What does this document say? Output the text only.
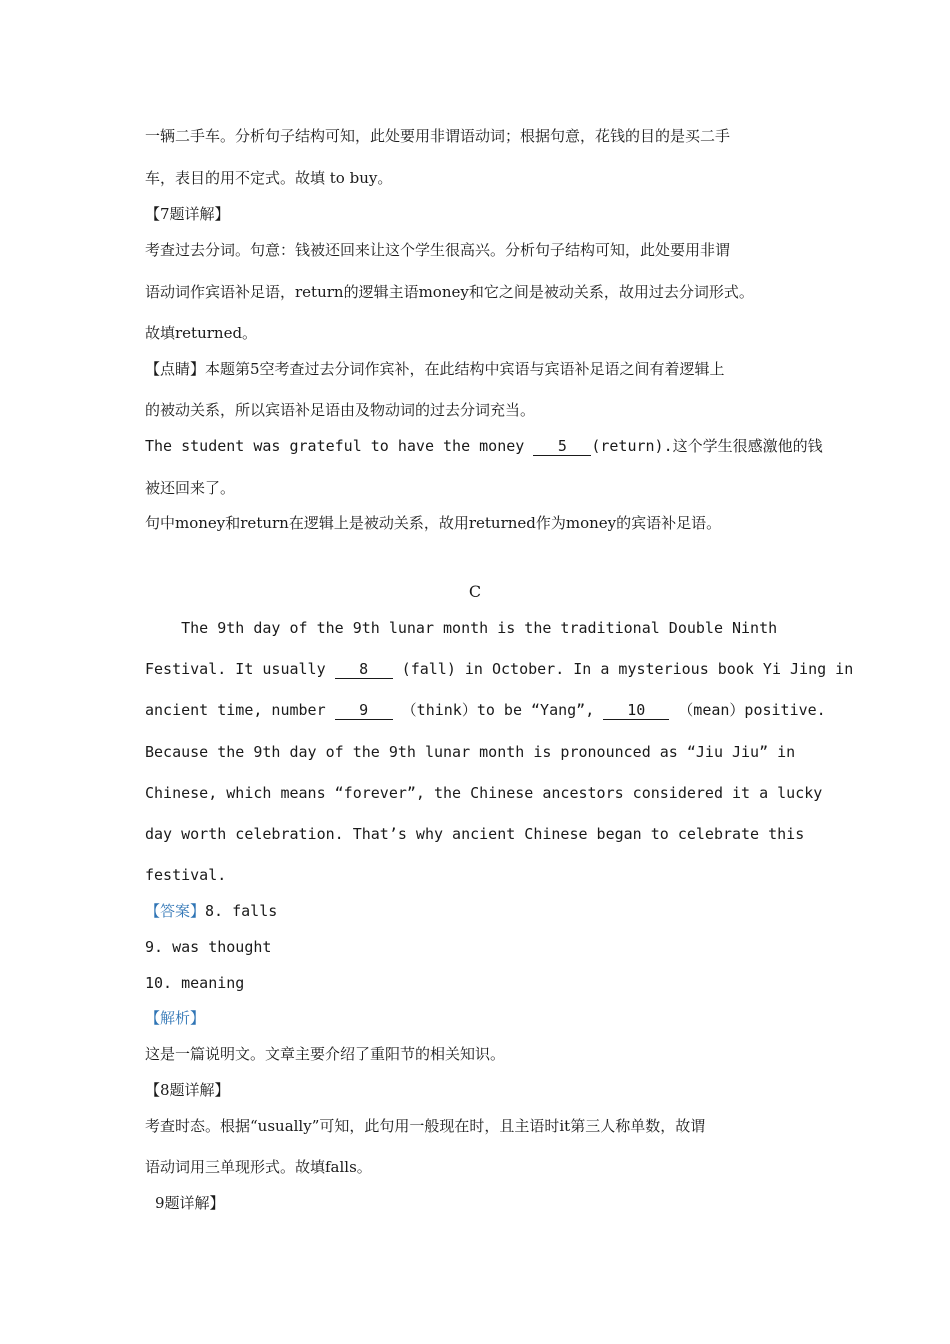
一辆二手车。分析句子结构可知，此处要用非谓语动词；根据句意，花钱的目的是买二手
车，表目的用不定式。故填 to buy。
【7题详解】
考查过去分词。句意：钱被还回来让这个学生很高兴。分析句子结构可知，此处要用非谓
语动词作宾语补足语，return的逻辑主语money和它之间是被动关系，故用过去分词形式。
故填returned。
【点睛】本题第5空考查过去分词作宾补，在此结构中宾语与宾语补足语之间有着逻辑上
的被动关系，所以宾语补足语由及物动词的过去分词充当。
The student was grateful to have the money 5 (return).这个学生很感激他的钱
被还回来了。
句中money和return在逻辑上是被动关系，故用returned作为money的宾语补足语。
C
The 9th day of the 9th lunar month is the traditional Double Ninth
Festival. It usually 8 (fall) in October. In a mysterious book Yi Jing in
ancient time, number 9 （think）to be “Yang”, 10 （mean）positive.
Because the 9th day of the 9th lunar month is pronounced as “Jiu Jiu” in
Chinese, which means “forever”, the Chinese ancestors considered it a lucky
day worth celebration. That’s why ancient Chinese began to celebrate this
festival.
【答案】8. falls
9. was thought
10. meaning
【解析】
这是一篇说明文。文章主要介绍了重阳节的相关知识。
【8题详解】
考查时态。根据“usually”可知，此句用一般现在时，且主语时it第三人称单数，故谓
语动词用三单现形式。故填falls。
9题详解】
